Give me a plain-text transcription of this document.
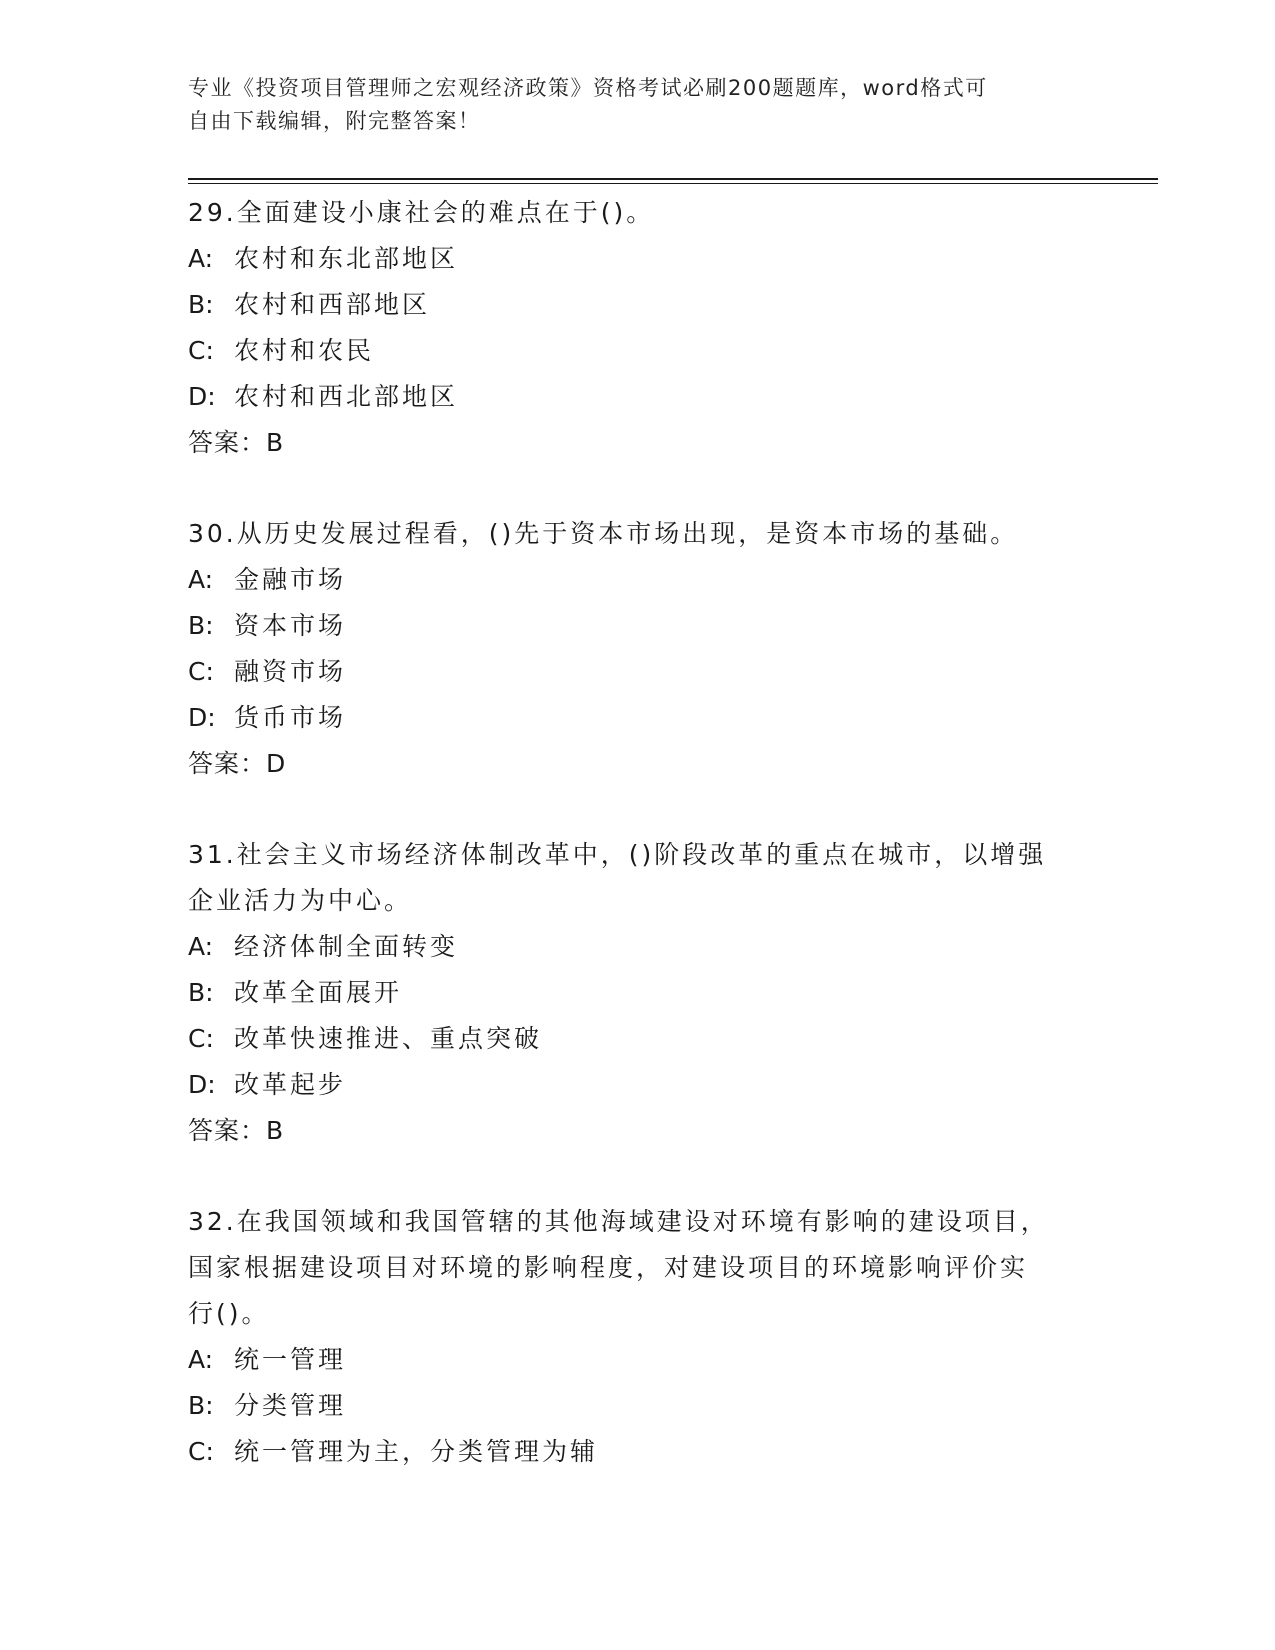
专业《投资项目管理师之宏观经济政策》资格考试必刷200题题库，word格式可
自由下载编辑，附完整答案！

29.全面建设小康社会的难点在于()。

A: 农村和东北部地区

B: 农村和西部地区

C: 农村和农民

D: 农村和西北部地区

答案：B

30.从历史发展过程看，()先于资本市场出现，是资本市场的基础。

A: 金融市场

B: 资本市场

C: 融资市场

D: 货币市场

答案：D

31.社会主义市场经济体制改革中，()阶段改革的重点在城市，以增强
企业活力为中心。

A: 经济体制全面转变

B: 改革全面展开

C: 改革快速推进、重点突破

D: 改革起步

答案：B

32.在我国领域和我国管辖的其他海域建设对环境有影响的建设项目，
国家根据建设项目对环境的影响程度，对建设项目的环境影响评价实
行()。

A: 统一管理

B: 分类管理

C: 统一管理为主，分类管理为辅
